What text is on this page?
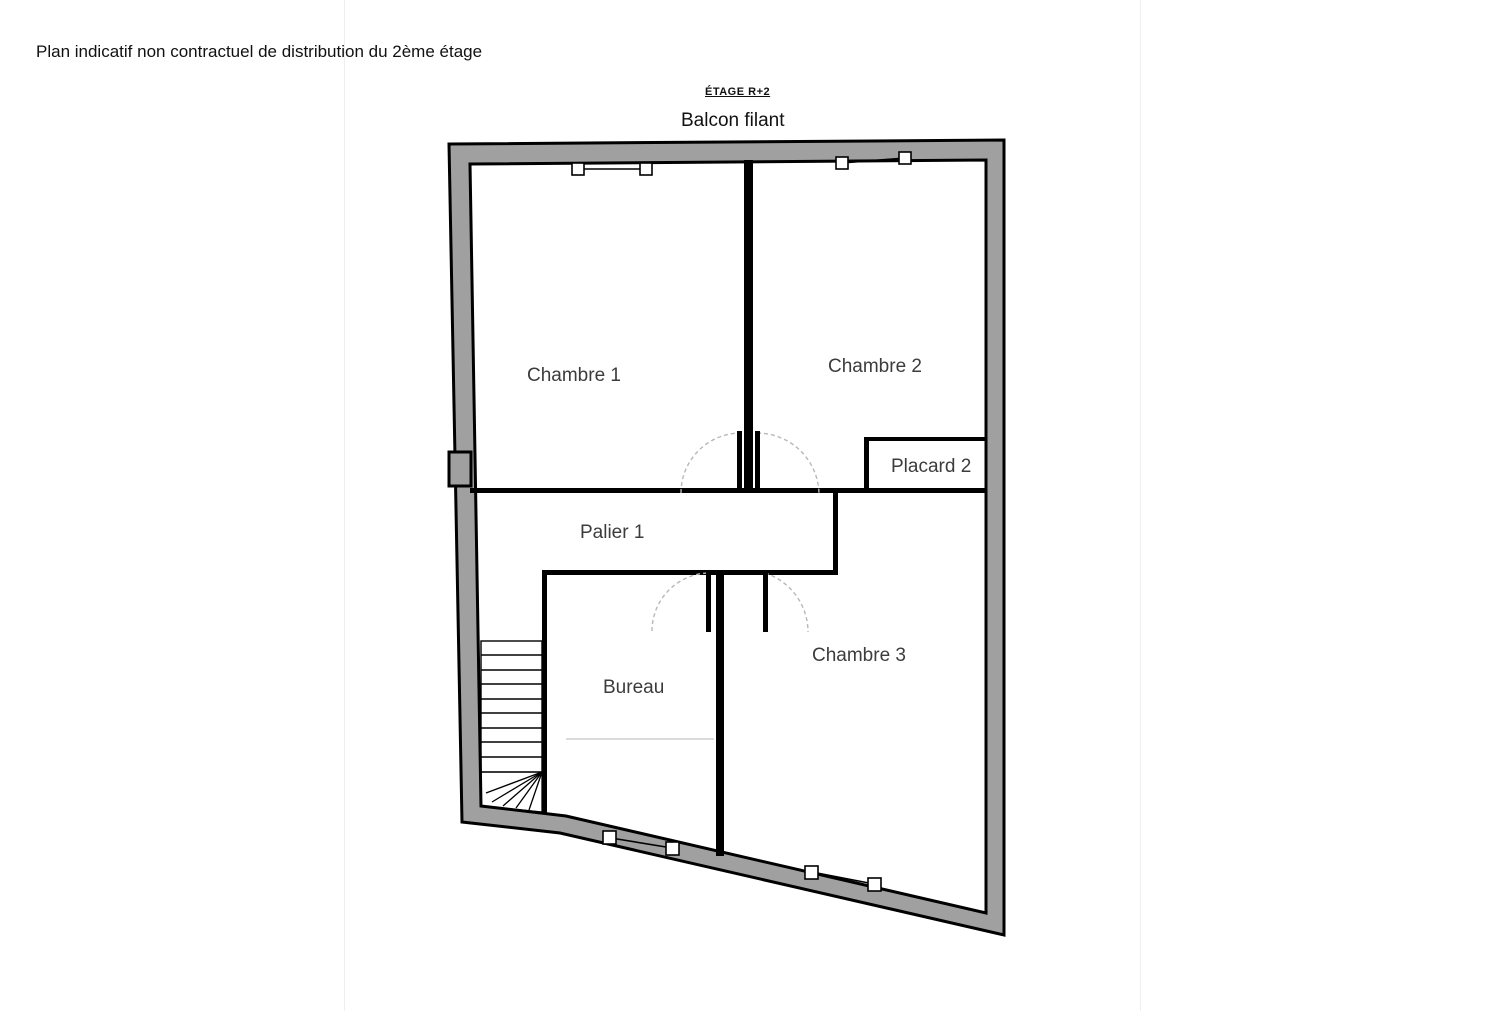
Plan indicatif non contractuel de distribution du 2ème étage
ÉTAGE R+2
Balcon filant
Chambre 1	Chambre 2
Placard 2
Palier 1
Bureau
Chambre 3
